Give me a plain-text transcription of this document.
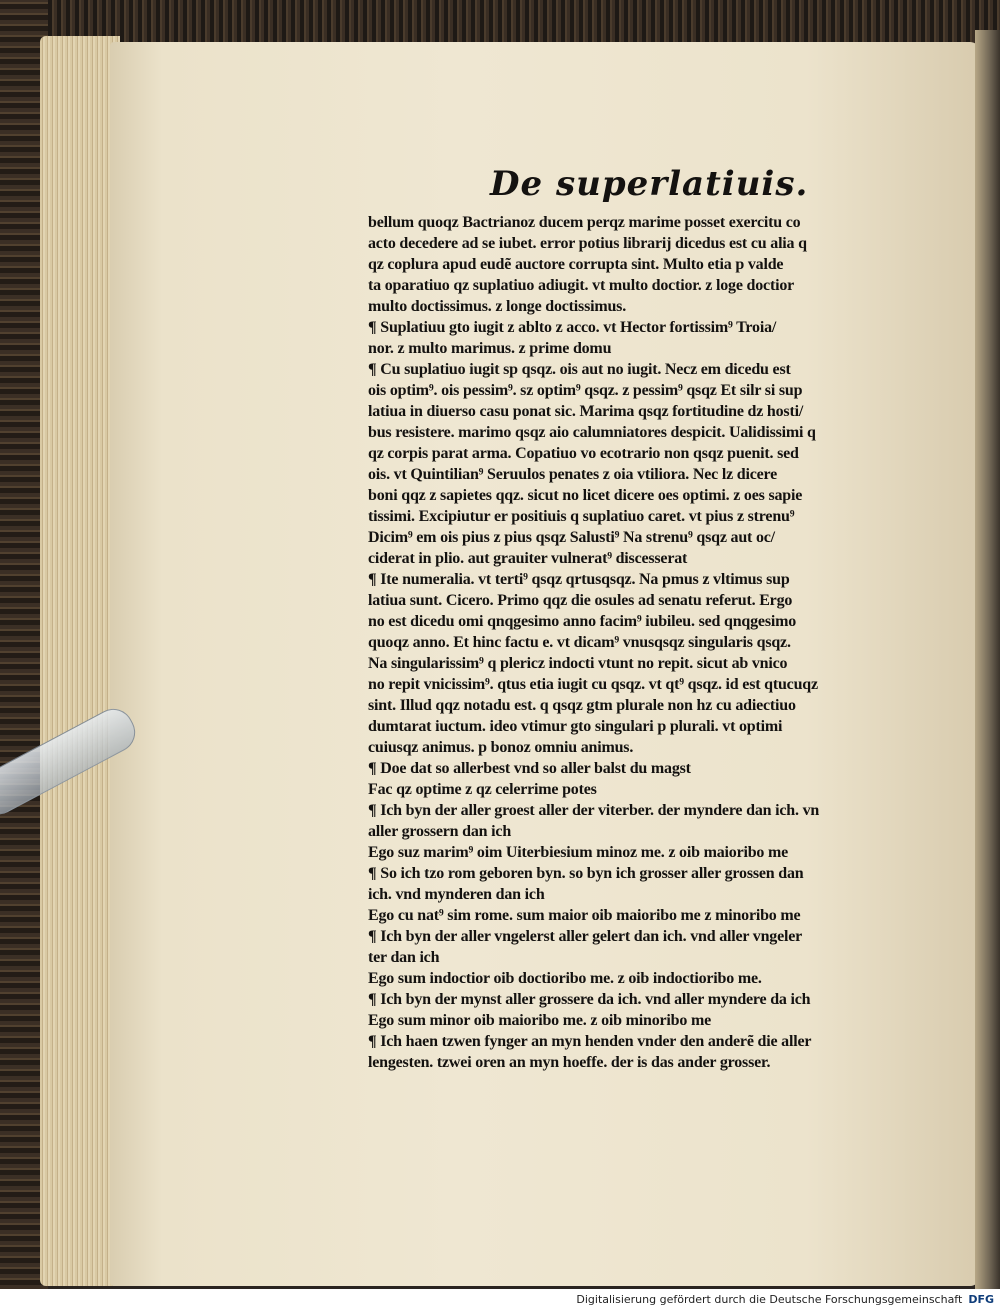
De superlatiuis.
bellum quoqz Bactrianoz ducem perqz marime posset exercitu co
acto decedere ad se iubet. error potius librarij dicedus est cu alia q
qz coplura apud eudẽ auctore corrupta sint. Multo etia p valde
ta oparatiuo qz suplatiuo adiugit. vt multo doctior. z loge doctior
multo doctissimus. z longe doctissimus.
¶ Suplatiuu gto iugit z ablto z acco. vt Hector fortissim⁹ Troia/
nor. z multo marimus. z prime domu
¶ Cu suplatiuo iugit sp qsqz. ois aut no iugit. Necz em dicedu est
ois optim⁹. ois pessim⁹. sz optim⁹ qsqz. z pessim⁹ qsqz Et silr si sup
latiua in diuerso casu ponat sic. Marima qsqz fortitudine dz hosti/
bus resistere. marimo qsqz aio calumniatores despicit. Ualidissimi q
qz corpis parat arma. Copatiuo vo ecotrario non qsqz puenit. sed
ois. vt Quintilian⁹ Seruulos penates z oia vtiliora. Nec lz dicere
boni qqz z sapietes qqz. sicut no licet dicere oes optimi. z oes sapie
tissimi. Excipiutur er positiuis q suplatiuo caret. vt pius z strenu⁹
Dicim⁹ em ois pius z pius qsqz Salusti⁹ Na strenu⁹ qsqz aut oc/
ciderat in plio. aut grauiter vulnerat⁹ discesserat
¶ Ite numeralia. vt terti⁹ qsqz qrtusqsqz. Na pmus z vltimus sup
latiua sunt. Cicero. Primo qqz die osules ad senatu referut. Ergo
no est dicedu omi qnqgesimo anno facim⁹ iubileu. sed qnqgesimo
quoqz anno. Et hinc factu e. vt dicam⁹ vnusqsqz singularis qsqz.
Na singularissim⁹ q plericz indocti vtunt no repit. sicut ab vnico
no repit vnicissim⁹. qtus etia iugit cu qsqz. vt qt⁹ qsqz. id est qtucuqz
sint. Illud qqz notadu est. q qsqz gtm plurale non hz cu adiectiuo
dumtarat iuctum. ideo vtimur gto singulari p plurali. vt optimi
cuiusqz animus. p bonoz omniu animus.
¶ Doe dat so allerbest vnd so aller balst du magst
Fac qz optime z qz celerrime potes
¶ Ich byn der aller groest aller der viterber. der myndere dan ich. vn
aller grossern dan ich
Ego suz marim⁹ oim Uiterbiesium minoz me. z oib maioribo me
¶ So ich tzo rom geboren byn. so byn ich grosser aller grossen dan
ich. vnd mynderen dan ich
Ego cu nat⁹ sim rome. sum maior oib maioribo me z minoribo me
¶ Ich byn der aller vngelerst aller gelert dan ich. vnd aller vngeler
ter dan ich
Ego sum indoctior oib doctioribo me. z oib indoctioribo me.
¶ Ich byn der mynst aller grossere da ich. vnd aller myndere da ich
Ego sum minor oib maioribo me. z oib minoribo me
¶ Ich haen tzwen fynger an myn henden vnder den anderẽ die aller
lengesten. tzwei oren an myn hoeffe. der is das ander grosser.
Digitalisierung gefördert durch die Deutsche Forschungsgemeinschaft DFG
